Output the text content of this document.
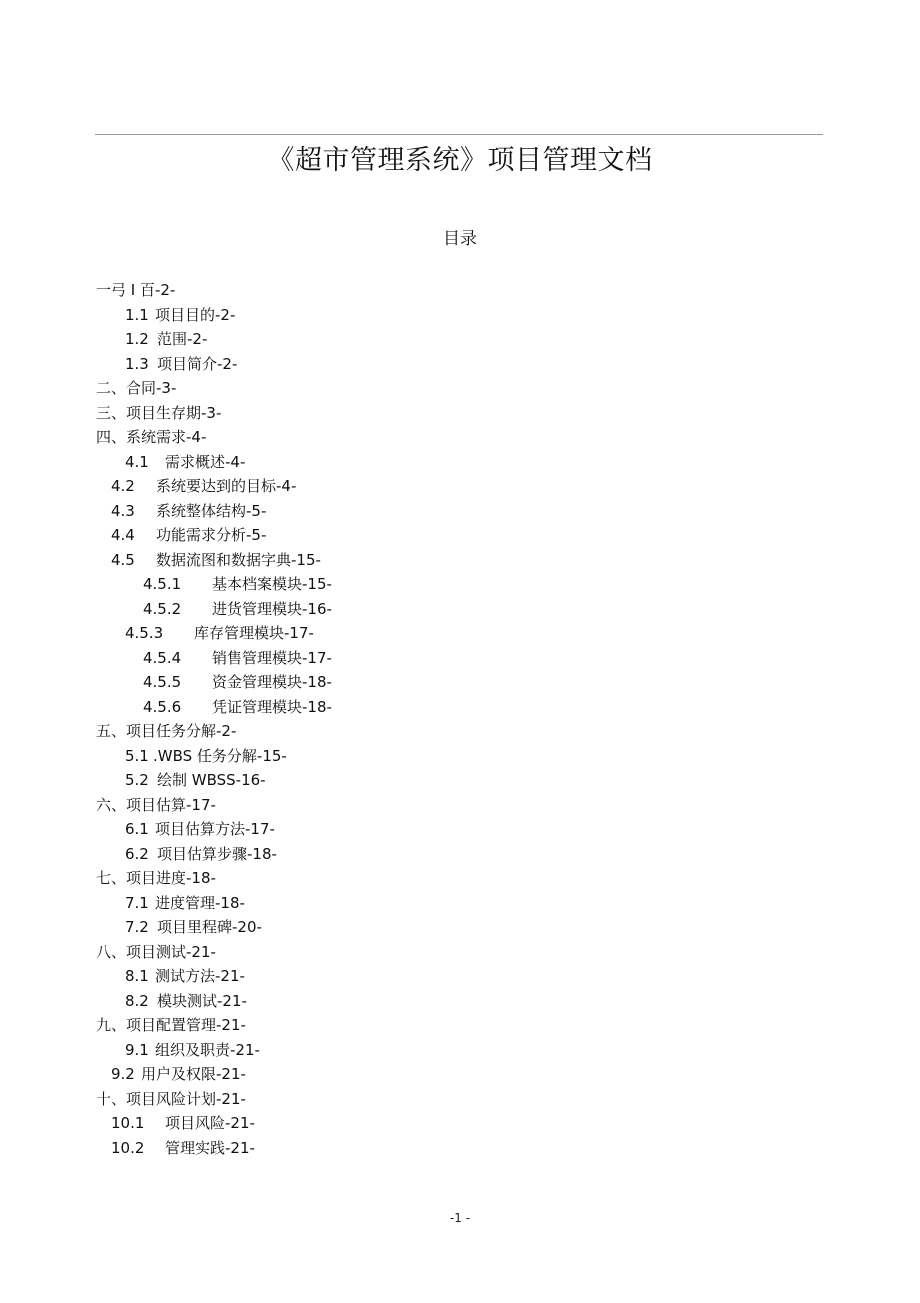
《超市管理系统》项目管理文档
目录
一弓 I 百-2-
1.1 项目目的-2-
1.2 范围-2-
1.3 项目简介-2-
二、合同-3-
三、项目生存期-3-
四、系统需求-4-
4.1 需求概述-4-
4.2 系统要达到的目标-4-
4.3 系统整体结构-5-
4.4 功能需求分析-5-
4.5 数据流图和数据字典-15-
4.5.1 基本档案模块-15-
4.5.2 进货管理模块-16-
4.5.3 库存管理模块-17-
4.5.4 销售管理模块-17-
4.5.5 资金管理模块-18-
4.5.6 凭证管理模块-18-
五、项目任务分解-2-
5.1 .WBS 任务分解-15-
5.2 绘制 WBSS-16-
六、项目估算-17-
6.1 项目估算方法-17-
6.2 项目估算步骤-18-
七、项目进度-18-
7.1 进度管理-18-
7.2 项目里程碑-20-
八、项目测试-21-
8.1 测试方法-21-
8.2 模块测试-21-
九、项目配置管理-21-
9.1 组织及职责-21-
9.2 用户及权限-21-
十、项目风险计划-21-
10.1 项目风险-21-
10.2 管理实践-21-
-1 -
